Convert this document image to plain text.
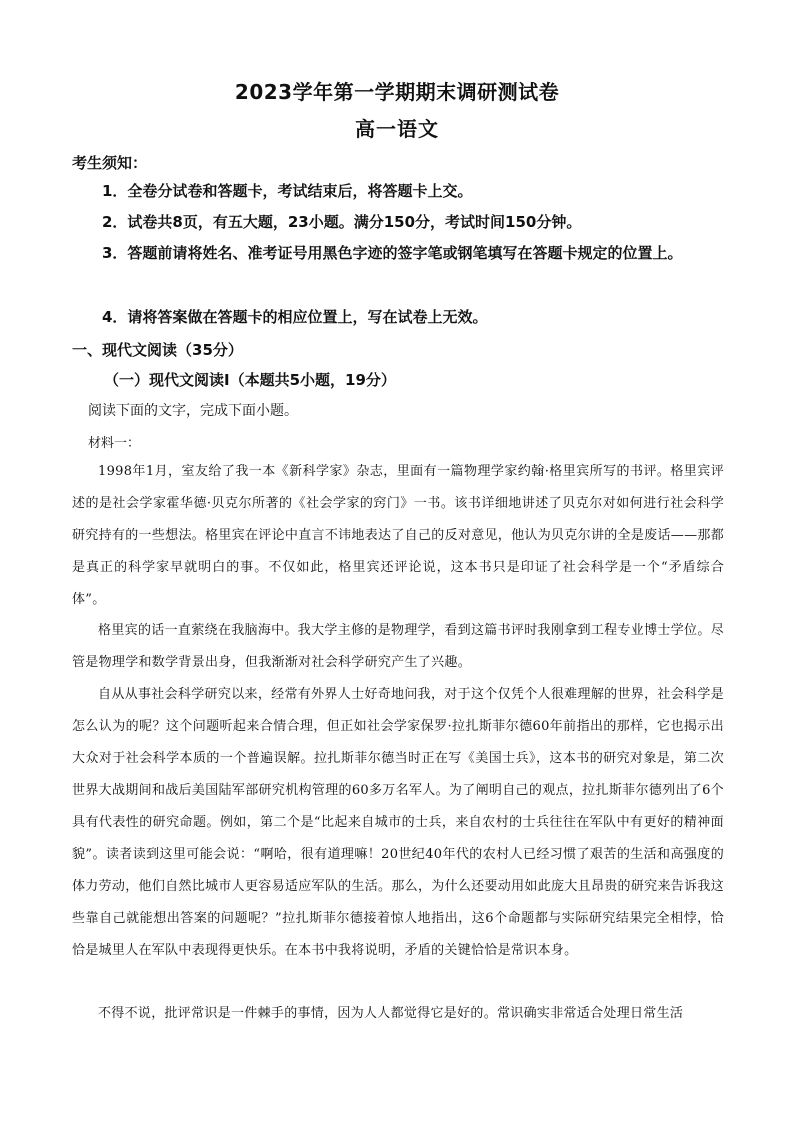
2023学年第一学期期末调研测试卷
高一语文

考生须知：

1．全卷分试卷和答题卡，考试结束后，将答题卡上交。

2．试卷共8页，有五大题，23小题。满分150分，考试时间150分钟。

3．答题前请将姓名、准考证号用黑色字迹的签字笔或钢笔填写在答题卡规定的位置上。

4．请将答案做在答题卡的相应位置上，写在试卷上无效。

一、现代文阅读（35分）

（一）现代文阅读Ⅰ（本题共5小题，19分）

阅读下面的文字，完成下面小题。

材料一：

1998年1月，室友给了我一本《新科学家》杂志，里面有一篇物理学家约翰·格里宾所写的书评。格里宾评述的是社会学家霍华德·贝克尔所著的《社会学家的窍门》一书。该书详细地讲述了贝克尔对如何进行社会科学研究持有的一些想法。格里宾在评论中直言不讳地表达了自己的反对意见，他认为贝克尔讲的全是废话——那都是真正的科学家早就明白的事。不仅如此，格里宾还评论说，这本书只是印证了社会科学是一个“矛盾综合体”。

格里宾的话一直萦绕在我脑海中。我大学主修的是物理学，看到这篇书评时我刚拿到工程专业博士学位。尽管是物理学和数学背景出身，但我渐渐对社会科学研究产生了兴趣。

自从从事社会科学研究以来，经常有外界人士好奇地问我，对于这个仅凭个人很难理解的世界，社会科学是怎么认为的呢？这个问题听起来合情合理，但正如社会学家保罗·拉扎斯菲尔德60年前指出的那样，它也揭示出大众对于社会科学本质的一个普遍误解。拉扎斯菲尔德当时正在写《美国士兵》，这本书的研究对象是，第二次世界大战期间和战后美国陆军部研究机构管理的60多万名军人。为了阐明自己的观点，拉扎斯菲尔德列出了6个具有代表性的研究命题。例如，第二个是“比起来自城市的士兵，来自农村的士兵往往在军队中有更好的精神面貌”。读者读到这里可能会说：“啊哈，很有道理嘛！20世纪40年代的农村人已经习惯了艰苦的生活和高强度的体力劳动，他们自然比城市人更容易适应军队的生活。那么，为什么还要动用如此庞大且昂贵的研究来告诉我这些靠自己就能想出答案的问题呢？”拉扎斯菲尔德接着惊人地指出，这6个命题都与实际研究结果完全相悖，恰恰是城里人在军队中表现得更快乐。在本书中我将说明，矛盾的关键恰恰是常识本身。

不得不说，批评常识是一件棘手的事情，因为人人都觉得它是好的。常识确实非常适合处理日常生活
